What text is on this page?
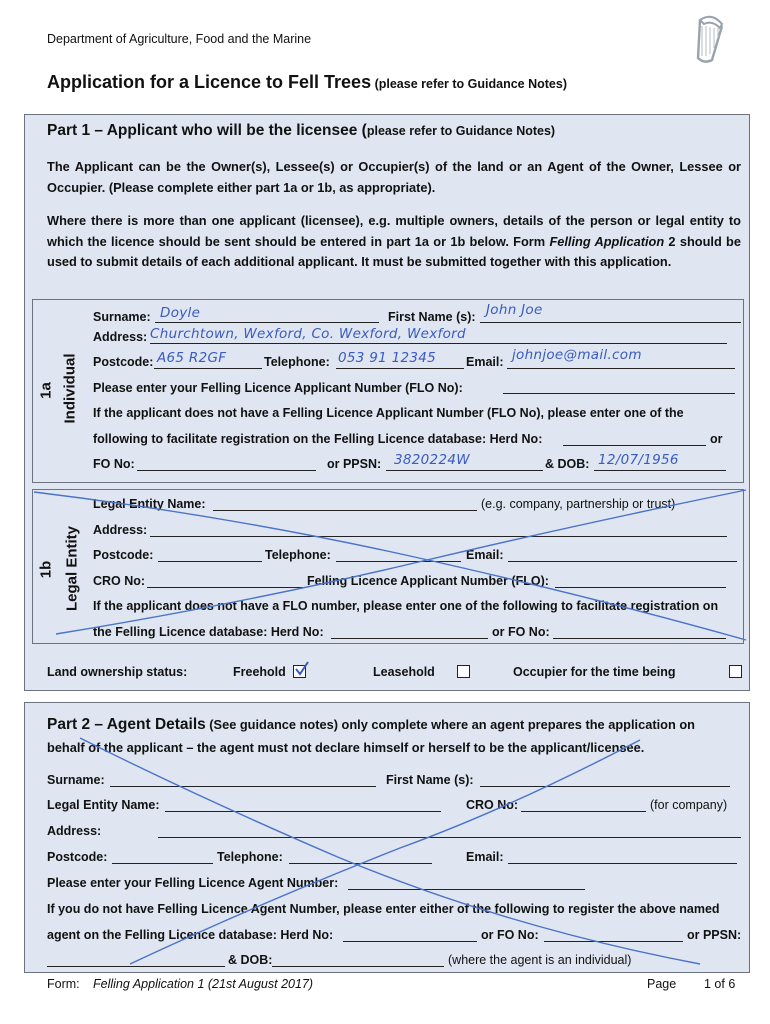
Department of Agriculture, Food and the Marine
Application for a Licence to Fell Trees (please refer to Guidance Notes)
Part 1 – Applicant who will be the licensee (please refer to Guidance Notes)
The Applicant can be the Owner(s), Lessee(s) or Occupier(s) of the land or an Agent of the Owner, Lessee or Occupier. (Please complete either part 1a or 1b, as appropriate).
Where there is more than one applicant (licensee), e.g. multiple owners, details of the person or legal entity to which the licence should be sent should be entered in part 1a or 1b below. Form Felling Application 2 should be used to submit details of each additional applicant. It must be submitted together with this application.
1a Individual
Surname: Doyle	First Name (s): John Joe
Address: Churchtown, Wexford, Co. Wexford, Wexford
Postcode: A65 R2GF	Telephone: 053 91 12345 Email: johnjoe@mail.com
Please enter your Felling Licence Applicant Number (FLO No):
If the applicant does not have a Felling Licence Applicant Number (FLO No), please enter one of the
following to facilitate registration on the Felling Licence database: Herd No:	or
FO No:	or PPSN: 3820224W	& DOB: 12/07/1956
1b Legal Entity
Legal Entity Name:	(e.g. company, partnership or trust)
Address:
Postcode:	Telephone:	Email:
CRO No:	Felling Licence Applicant Number (FLO):
If the applicant does not have a FLO number, please enter one of the following to facilitate registration on
the Felling Licence database: Herd No:	or FO No:
Land ownership status:	Freehold
	Leasehold
	Occupier for the time being
Part 2 – Agent Details (See guidance notes) only complete where an agent prepares the application on
behalf of the applicant – the agent must not declare himself or herself to be the applicant/licensee.
Surname:	First Name (s):
Legal Entity Name:	CRO No:	(for company)
Address:
Postcode:	Telephone:	Email:
Please enter your Felling Licence Agent Number:
If you do not have Felling Licence Agent Number, please enter either of the following to register the above named
agent on the Felling Licence database: Herd No:	or FO No:	or PPSN:
& DOB:	(where the agent is an individual)
Form: Felling Application 1 (21st August 2017)	Page 1 of 6
